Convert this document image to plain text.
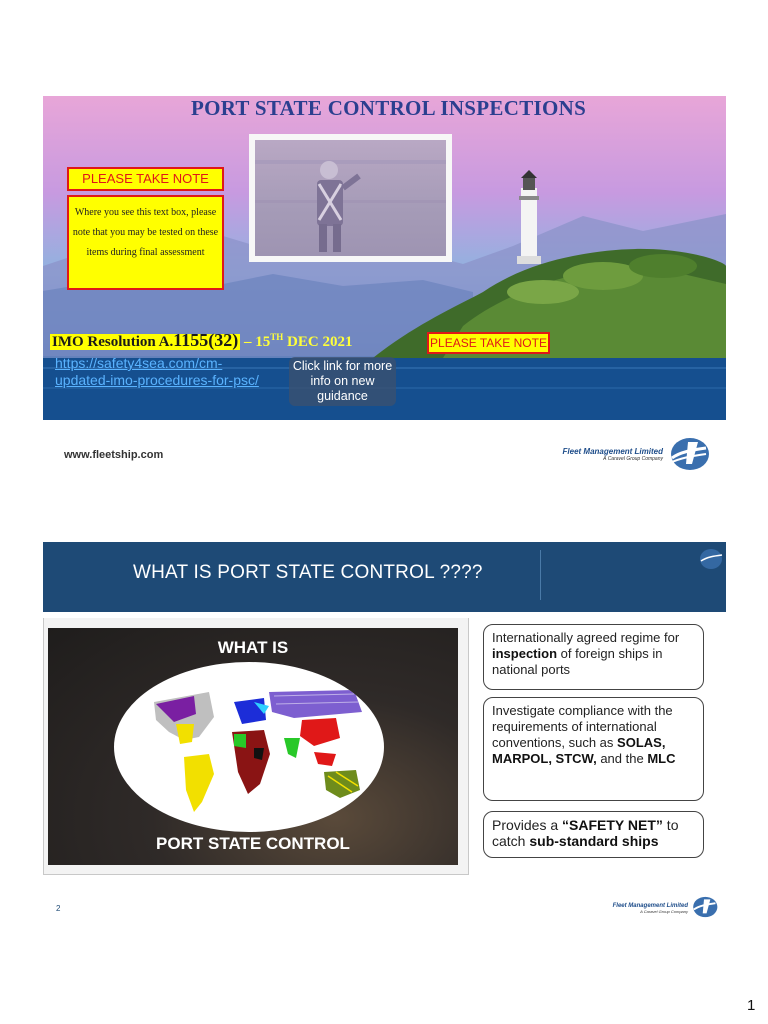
PORT STATE CONTROL INSPECTIONS
PLEASE TAKE NOTE
Where you see this text box, please note that you may be tested on these items during final assessment
IMO Resolution A.1155(32) – 15TH DEC 2021	PLEASE TAKE NOTE
https://safety4sea.com/cm-updated-imo-procedures-for-psc/
Click link for more info on new guidance
www.fleetship.com	Fleet Management Limited
A Caravel Group Company
WHAT IS PORT STATE CONTROL ????
WHAT IS
PORT STATE CONTROL
Internationally agreed regime for inspection of foreign ships in national ports
Investigate compliance with the requirements of international conventions, such as SOLAS, MARPOL, STCW, and the MLC
Provides a “SAFETY NET” to catch sub-standard ships
2	Fleet Management Limited
A Caravel Group Company
1
